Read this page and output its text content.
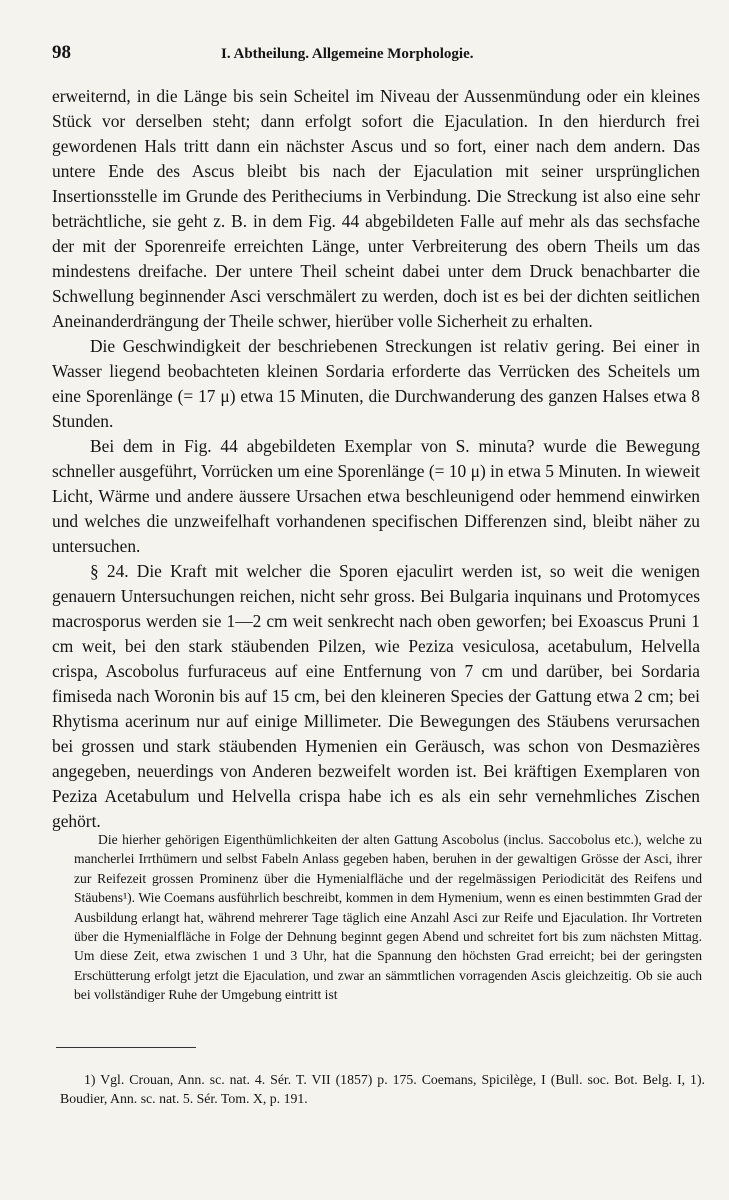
98	I. Abtheilung. Allgemeine Morphologie.

erweiternd, in die Länge bis sein Scheitel im Niveau der Aussenmündung oder ein kleines Stück vor derselben steht; dann erfolgt sofort die Ejaculation. In den hierdurch frei gewordenen Hals tritt dann ein nächster Ascus und so fort, einer nach dem andern. Das untere Ende des Ascus bleibt bis nach der Ejaculation mit seiner ursprünglichen Insertionsstelle im Grunde des Peritheciums in Verbindung. Die Streckung ist also eine sehr beträchtliche, sie geht z. B. in dem Fig. 44 abgebildeten Falle auf mehr als das sechsfache der mit der Sporenreife erreichten Länge, unter Verbreiterung des obern Theils um das mindestens dreifache. Der untere Theil scheint dabei unter dem Druck benachbarter die Schwellung beginnender Asci verschmälert zu werden, doch ist es bei der dichten seitlichen Aneinanderdrängung der Theile schwer, hierüber volle Sicherheit zu erhalten.

Die Geschwindigkeit der beschriebenen Streckungen ist relativ gering. Bei einer in Wasser liegend beobachteten kleinen Sordaria erforderte das Verrücken des Scheitels um eine Sporenlänge (= 17 μ) etwa 15 Minuten, die Durchwanderung des ganzen Halses etwa 8 Stunden.

Bei dem in Fig. 44 abgebildeten Exemplar von S. minuta? wurde die Bewegung schneller ausgeführt, Vorrücken um eine Sporenlänge (= 10 μ) in etwa 5 Minuten. In wieweit Licht, Wärme und andere äussere Ursachen etwa beschleunigend oder hemmend einwirken und welches die unzweifelhaft vorhandenen specifischen Differenzen sind, bleibt näher zu untersuchen.

§ 24. Die Kraft mit welcher die Sporen ejaculirt werden ist, so weit die wenigen genauern Untersuchungen reichen, nicht sehr gross. Bei Bulgaria inquinans und Protomyces macrosporus werden sie 1—2 cm weit senkrecht nach oben geworfen; bei Exoascus Pruni 1 cm weit, bei den stark stäubenden Pilzen, wie Peziza vesiculosa, acetabulum, Helvella crispa, Ascobolus furfuraceus auf eine Entfernung von 7 cm und darüber, bei Sordaria fimiseda nach Woronin bis auf 15 cm, bei den kleineren Species der Gattung etwa 2 cm; bei Rhytisma acerinum nur auf einige Millimeter. Die Bewegungen des Stäubens verursachen bei grossen und stark stäubenden Hymenien ein Geräusch, was schon von Desmazières angegeben, neuerdings von Anderen bezweifelt worden ist. Bei kräftigen Exemplaren von Peziza Acetabulum und Helvella crispa habe ich es als ein sehr vernehmliches Zischen gehört.

Die hierher gehörigen Eigenthümlichkeiten der alten Gattung Ascobolus (inclus. Saccobolus etc.), welche zu mancherlei Irrthümern und selbst Fabeln Anlass gegeben haben, beruhen in der gewaltigen Grösse der Asci, ihrer zur Reifezeit grossen Prominenz über die Hymenialfläche und der regelmässigen Periodicität des Reifens und Stäubens¹). Wie Coemans ausführlich beschreibt, kommen in dem Hymenium, wenn es einen bestimmten Grad der Ausbildung erlangt hat, während mehrerer Tage täglich eine Anzahl Asci zur Reife und Ejaculation. Ihr Vortreten über die Hymenialfläche in Folge der Dehnung beginnt gegen Abend und schreitet fort bis zum nächsten Mittag. Um diese Zeit, etwa zwischen 1 und 3 Uhr, hat die Spannung den höchsten Grad erreicht; bei der geringsten Erschütterung erfolgt jetzt die Ejaculation, und zwar an sämmtlichen vorragenden Ascis gleichzeitig. Ob sie auch bei vollständiger Ruhe der Umgebung eintritt ist

1) Vgl. Crouan, Ann. sc. nat. 4. Sér. T. VII (1857) p. 175. Coemans, Spicilège, I (Bull. soc. Bot. Belg. I, 1). Boudier, Ann. sc. nat. 5. Sér. Tom. X, p. 191.
